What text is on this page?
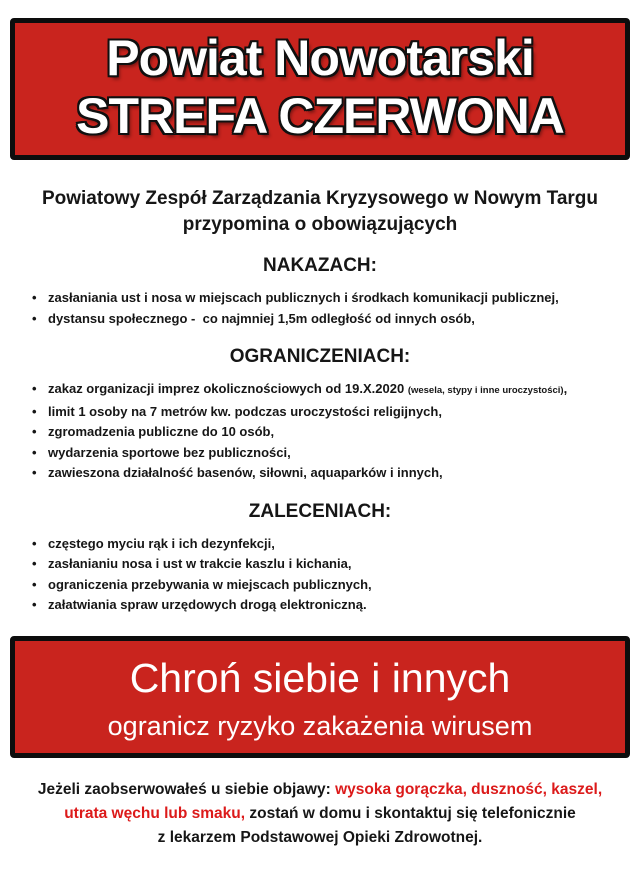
Powiat Nowotarski
STREFA CZERWONA
Powiatowy Zespół Zarządzania Kryzysowego w Nowym Targu
przypomina o obowiązujących
NAKAZACH:
• zasłaniania ust i nosa w miejscach publicznych i środkach komunikacji publicznej,
• dystansu społecznego -  co najmniej 1,5m odległość od innych osób,
OGRANICZENIACH:
• zakaz organizacji imprez okolicznościowych od 19.X.2020 (wesela, stypy i inne uroczystości),
• limit 1 osoby na 7 metrów kw. podczas uroczystości religijnych,
• zgromadzenia publiczne do 10 osób,
• wydarzenia sportowe bez publiczności,
• zawieszona działalność basenów, siłowni, aquaparków i innych,
ZALECENIACH:
• częstego myciu rąk i ich dezynfekcji,
• zasłanianiu nosa i ust w trakcie kaszlu i kichania,
• ograniczenia przebywania w miejscach publicznych,
• załatwiania spraw urzędowych drogą elektroniczną.
Chroń siebie i innych
ogranicz ryzyko zakażenia wirusem
Jeżeli zaobserwowałeś u siebie objawy: wysoka gorączka, duszność, kaszel,
utrata węchu lub smaku, zostań w domu i skontaktuj się telefonicznie
z lekarzem Podstawowej Opieki Zdrowotnej.
